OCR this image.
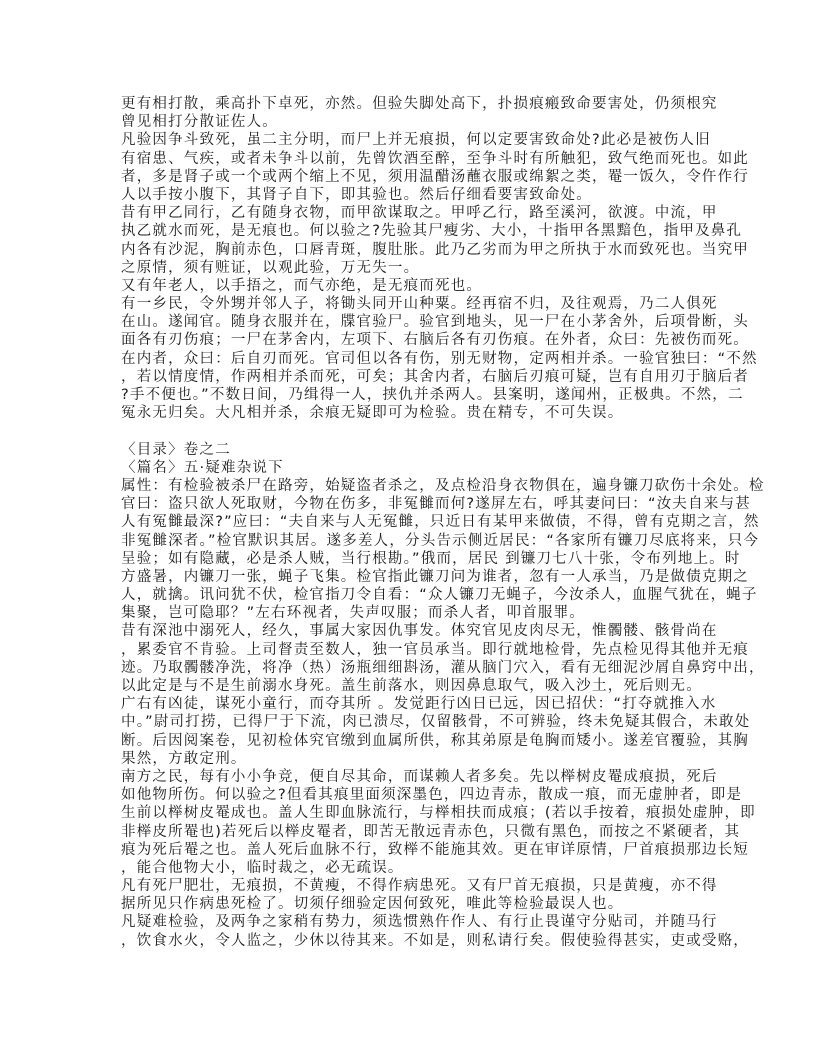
更有相打散，乘高扑下卓死，亦然。但验失脚处高下，扑损痕瘢致命要害处，仍须根究
曾见相打分散证佐人。
凡验因争斗致死，虽二主分明，而尸上并无痕损，何以定要害致命处?此必是被伤人旧
有宿患、气疾，或者未争斗以前，先曾饮酒至醉，至争斗时有所触犯，致气绝而死也。如此
者，多是肾子或一个或两个缩上不见，须用温醋汤蘸衣服或绵絮之类，罨一饭久，令仵作行
人以手按小腹下，其肾子自下，即其验也。然后仔细看要害致命处。
昔有甲乙同行，乙有随身衣物，而甲欲谋取之。甲呼乙行，路至溪河，欲渡。中流，甲
执乙就水而死，是无痕也。何以验之?先验其尸瘦劣、大小，十指甲各黑黯色，指甲及鼻孔
内各有沙泥，胸前赤色，口唇青斑，腹肚胀。此乃乙劣而为甲之所执于水而致死也。当究甲
之原情，须有赃证，以观此验，万无失一。
又有年老人，以手捂之，而气亦绝，是无痕而死也。
有一乡民，令外甥并邻人子，将锄头同开山种粟。经再宿不归，及往观焉，乃二人俱死
在山。遂闻官。随身衣服并在，牒官验尸。验官到地头，见一尸在小茅舍外，后项骨断，头
面各有刃伤痕；一尸在茅舍内，左项下、右脑后各有刃伤痕。在外者，众曰：先被伤而死。
在内者，众曰：后自刃而死。官司但以各有伤，别无财物，定两相并杀。一验官独曰：“不然
，若以情度情，作两相并杀而死，可矣；其舍内者，右脑后刃痕可疑，岂有自用刃于脑后者
?手不便也。”不数日间，乃缉得一人，挟仇并杀两人。县案明，遂闻州，正极典。不然，二
冤永无归矣。大凡相并杀，余痕无疑即可为检验。贵在精专，不可失误。
〈目录〉卷之二
〈篇名〉五·疑难杂说下
属性：有检验被杀尸在路旁，始疑盗者杀之，及点检沿身衣物俱在，遍身镰刀砍伤十余处。检
官曰：盗只欲人死取财，今物在伤多，非冤雠而何?遂屏左右，呼其妻问曰：“汝夫自来与甚
人有冤雠最深?”应曰：“夫自来与人无冤雠，只近日有某甲来做债，不得，曾有克期之言，然
非冤雠深者。”检官默识其居。遂多差人，分头告示侧近居民：“各家所有镰刀尽底将来，只今
呈验；如有隐藏，必是杀人贼，当行根勘。”俄而，居民 到镰刀七八十张，令布列地上。时
方盛暑，内镰刀一张，蝇子飞集。检官指此镰刀问为谁者，忽有一人承当，乃是做债克期之
人，就擒。讯问犹不伏，检官指刀令自看：“众人镰刀无蝇子，今汝杀人，血腥气犹在，蝇子
集聚，岂可隐耶？”左右环视者，失声叹服；而杀人者，叩首服罪。
昔有深池中溺死人，经久，事属大家因仇事发。体究官见皮肉尽无，惟髑髅、骸骨尚在
，累委官不肯验。上司督责至数人，独一官员承当。即行就地检骨，先点检见得其他并无痕
迹。乃取髑髅净洗，将净（热）汤瓶细细斟汤，灌从脑门穴入，看有无细泥沙屑自鼻窍中出，
以此定是与不是生前溺水身死。盖生前落水，则因鼻息取气，吸入沙土，死后则无。
广右有凶徒，谋死小童行，而夺其所 。发觉距行凶日已远，因已招伏：“打夺就推入水
中。”尉司打捞，已得尸于下流，肉已溃尽，仅留骸骨，不可辨验，终未免疑其假合，未敢处
断。后因阅案卷，见初检体究官缴到血属所供，称其弟原是龟胸而矮小。遂差官覆验，其胸
果然，方敢定刑。
南方之民，每有小小争竞，便自尽其命，而谋赖人者多矣。先以榉树皮罨成痕损，死后
如他物所伤。何以验之?但看其痕里面须深墨色，四边青赤，散成一痕，而无虚肿者，即是
生前以榉树皮罨成也。盖人生即血脉流行，与榉相扶而成痕；(若以手按着，痕损处虚肿，即
非榉皮所罨也)若死后以榉皮罨者，即苦无散远青赤色，只微有黑色，而按之不紧硬者，其
痕为死后罨之也。盖人死后血脉不行，致榉不能施其效。更在审详原情，尸首痕损那边长短
，能合他物大小，临时裁之，必无疏误。
凡有死尸肥壮，无痕损，不黄瘦，不得作病患死。又有尸首无痕损，只是黄瘦，亦不得
据所见只作病患死检了。切须仔细验定因何致死，唯此等检验最误人也。
凡疑难检验，及两争之家稍有势力，须选惯熟仵作人、有行止畏谨守分贴司，并随马行
，饮食水火，令人监之，少休以待其来。不如是，则私请行矣。假使验得甚实，吏或受赂，
